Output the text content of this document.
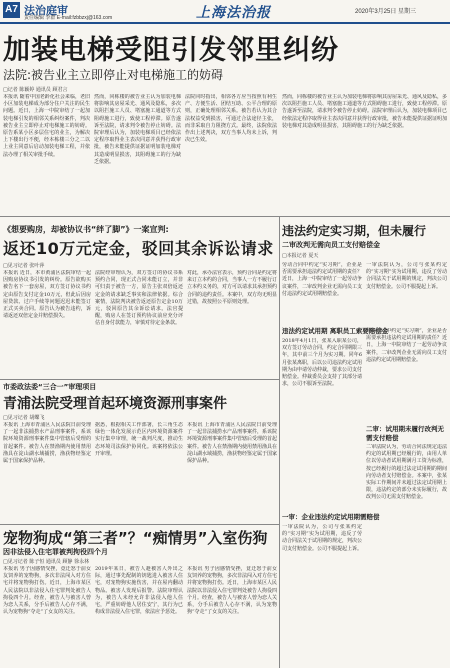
A7 法治庭审
责任编辑 李群 E-mail:fzbbzxj@163.com	上海法治报	2020年3月25日 星期三
加装电梯受阻引发邻里纠纷
法院:被告业主立即停止对电梯施工的妨碍
□记者 陈颖婷 通讯员 顾君言
本报讯 随着中国老龄化社会来临，老旧小区加装电梯成为部分住户关注的民生问题。近日，上海一中院审结了一起加装电梯引发的相邻关系纠纷案件，判决被告业主立即停止对电梯施工的妨碍。原告系某小区多层住宅的业主，为解决上下楼出行不便，经本栋楼三分之二以上业主同意后启动加装电梯工程，并依法办理了相关审批手续。
然而，同栋楼的被告业主认为加装电梯将影响其房屋采光、通风及隐私，多次以阻拦施工人员、堵塞施工通道等方式阻碍施工进行，致使工程停滞。原告遂诉至法院，请求判令被告停止妨碍。法院审理后认为，加装电梯项目已经依法定程序取得业主表决同意并获得行政审批，被告未能提供证据证明加装电梯对其造成明显损害，其阻碍施工的行为缺乏依据。
法院同时指出，相邻各方应当按照有利生产、方便生活、团结互助、公平合理的原则，正确处理相邻关系。被告若认为其合法权益受到损害，可通过合法途径主张，而非采取自力阻挠方式。最终，法院依法作出上述判决，双方当事人均未上诉，判决已生效。
然而，同栋楼的被告业主认为加装电梯将影响其房屋采光、通风及隐私，多次以阻拦施工人员、堵塞施工通道等方式阻碍施工进行，致使工程停滞。原告遂诉至法院，请求判令被告停止妨碍。法院审理后认为，加装电梯项目已经依法定程序取得业主表决同意并获得行政审批，被告未能提供证据证明加装电梯对其造成明显损害，其阻碍施工的行为缺乏依据。
《想要购房，却被协议书“绊了脚”》一案宣判:
返还10万元定金，驳回其余诉讼请求
□见习记者 张叶萍
本报讯 近日，本市黄浦区法院审结一起因购房协议书引发的纠纷。原告欲购买被告名下一套房屋，双方签订协议书约定由原告支付定金10万元，但此后因房屋贷款、过户手续等问题迟迟未能签订正式买卖合同。原告认为被告违约，诉请返还双倍定金并赔偿损失。
法院经审理认为，双方签订的协议书系预约合同，现正式合同未能订立，并非可归责于被告一方，原告主张双倍返还定金的请求缺乏事实和法律依据。综合案情，法院判决被告返还原告定金10万元，驳回原告其余诉讼请求。法官提醒，购房人在签订预约协议前应充分评估自身付款能力，审慎对待定金条款。
对此，承办法官表示，预约合同是约定将来订立本约的合同，当事人一方不履行订立本约义务的，对方可以请求其承担预约合同的违约责任。本案中，双方均无明显过错，故按照公平原则处理。
市委政法委“三合一”审理项目
青浦法院受理首起环境资源刑事案件
□见习记者 胡蝶飞
本报讯 上海市青浦区人民法院日前受理了一起非法捕捞水产品刑事案件，系该院环境资源刑事案件集中管辖后受理的首起案件。被告人在禁渔期内使用禁用渔具在淀山湖水域捕捞，渔获物经鉴定属于国家保护品种。
据悉，根据相关工作部署，长三角生态绿色一体化发展示范区内环境资源案件实行集中审理，统一裁判尺度，推动生态环境司法保护协同化。该案将依法公开审理。
本报讯 上海市青浦区人民法院日前受理了一起非法捕捞水产品刑事案件，系该院环境资源刑事案件集中管辖后受理的首起案件。被告人在禁渔期内使用禁用渔具在淀山湖水域捕捞，渔获物经鉴定属于国家保护品种。
宠物狗成“第三者”？“痴情男”入室伤狗
因非法侵入住宅罪被判拘役四个月
□见习记者 陈子恒 通讯员 顾静 徐永林
本报讯 男子因感情受挫，竟迁怒于前女友饲养的宠物狗，多次非法闯入对方住宅并将宠物狗打伤。近日，上海市某区人民法院以非法侵入住宅罪判处被告人拘役四个月。经查，被告人与被害人曾为恋人关系，分手后被告人心存不满，认为宠物狗“夺走”了女友的关注。
2019年某日，被告人趁被害人外出之际，通过事先配制的钥匙进入被害人住宅，对宠物狗实施伤害，并在屋内翻动物品。被害人发现后报警。法院审理认为，被告人未经允许非法侵入他人住宅，严重妨碍他人居住安宁，其行为已构成非法侵入住宅罪，依法应予惩处。
本报讯 男子因感情受挫，竟迁怒于前女友饲养的宠物狗，多次非法闯入对方住宅并将宠物狗打伤。近日，上海市某区人民法院以非法侵入住宅罪判处被告人拘役四个月。经查，被告人与被害人曾为恋人关系，分手后被告人心存不满，认为宠物狗“夺走”了女友的关注。
违法约定实习期，但未履行
二审改判无需向员工支付赔偿金
□本报记者 夏天
劳动合同中约定“实习期”，企业是否需要承担违法约定试用期的责任？近日，上海一中院审结了一起劳动争议案件，二审改判企业无需向员工支付违法约定试用期赔偿金。
违法约定试用期 离职员工索要赔偿金
2018年4月1日，张某入职某公司，双方签订劳动合同，约定合同期限三年，其中前三个月为实习期。同年6月张某离职，后以公司违法约定试用期为由申请劳动仲裁，要求公司支付赔偿金。仲裁委员会支持了其部分请求，公司不服诉至法院。
一审：企业违法约定试用期需赔偿
一审法院认为，公司与张某约定的“实习期”实为试用期，违反了劳动合同法关于试用期的规定，判决公司支付赔偿金。公司不服提起上诉。
一审法院认为，公司与张某约定的“实习期”实为试用期，违反了劳动合同法关于试用期的规定，判决公司支付赔偿金。公司不服提起上诉。
二审：试用期未履行改判无需支付赔偿
劳动合同中约定“实习期”，企业是否需要承担违法约定试用期的责任？近日，上海一中院审结了一起劳动争议案件，二审改判企业无需向员工支付违法约定试用期赔偿金。
二审法院认为，劳动合同法规定违法约定的试用期已经履行的，由用人单位以劳动者试用期满月工资为标准，按已经履行的超过法定试用期的期间向劳动者支付赔偿金。本案中，张某实际工作期间并未超过法定试用期上限，违法约定的部分未实际履行，故改判公司无需支付赔偿金。
